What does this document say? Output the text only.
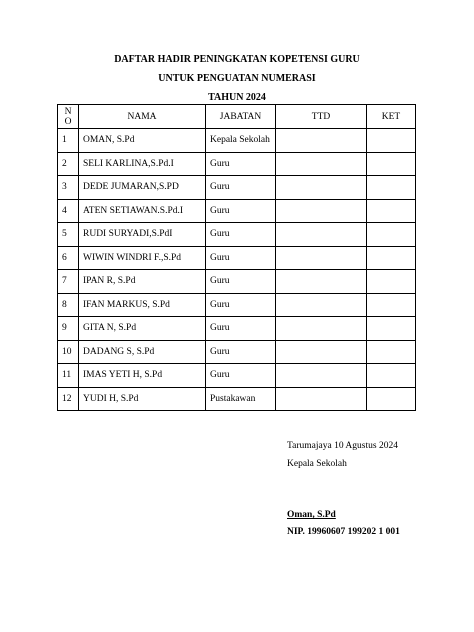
DAFTAR HADIR PENINGKATAN KOPETENSI GURU
UNTUK PENGUATAN NUMERASI
TAHUN 2024
N
O	NAMA	JABATAN	TTD	KET
1	OMAN, S.Pd	Kepala Sekolah		
2	SELI KARLINA,S.Pd.I	Guru		
3	DEDE JUMARAN,S.PD	Guru		
4	ATEN SETIAWAN.S.Pd.I	Guru		
5	RUDI SURYADI,S.PdI	Guru		
6	WIWIN WINDRI F.,S.Pd	Guru		
7	IPAN R, S.Pd	Guru		
8	IFAN MARKUS, S.Pd	Guru		
9	GITA N, S.Pd	Guru		
10	DADANG S, S.Pd	Guru		
11	IMAS YETI H, S.Pd	Guru		
12	YUDI H, S.Pd	Pustakawan		
Tarumajaya 10 Agustus 2024
Kepala Sekolah
Oman, S.Pd
NIP. 19960607 199202 1 001
